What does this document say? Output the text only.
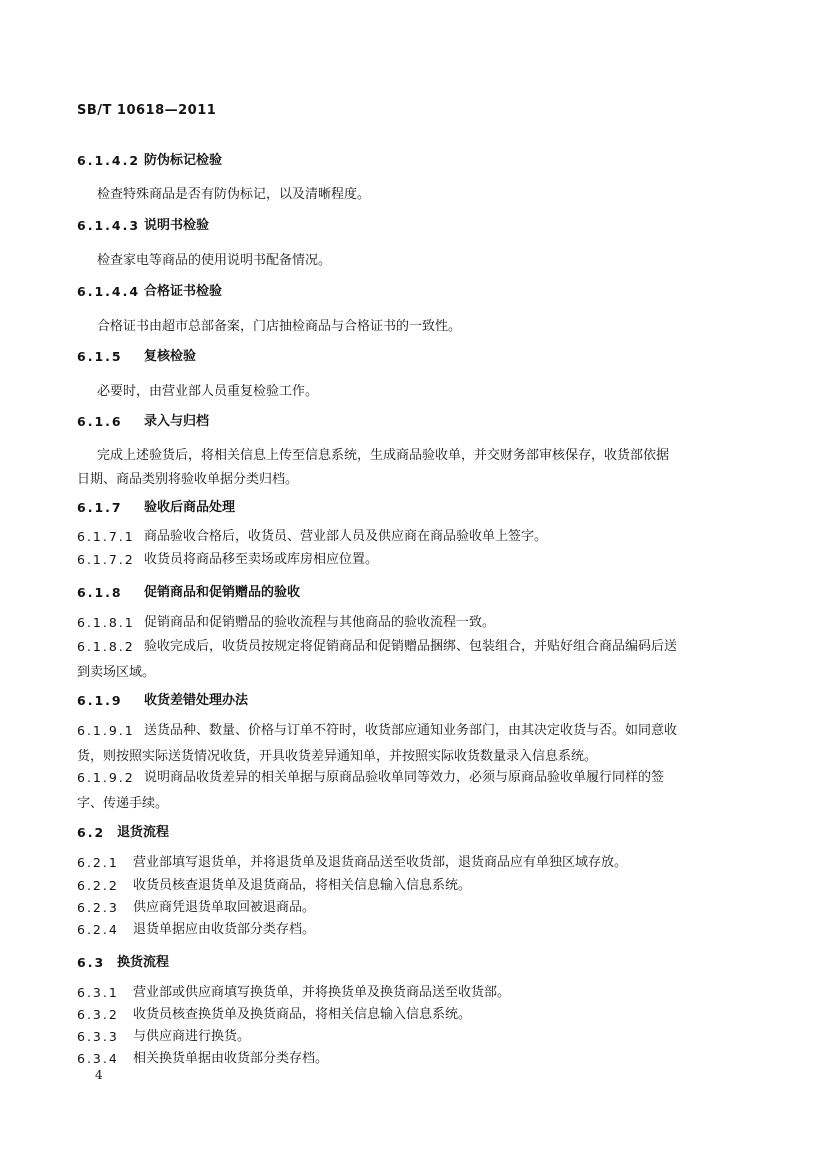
SB/T 10618—2011
6.1.4.2 防伪标记检验
检查特殊商品是否有防伪标记，以及清晰程度。
6.1.4.3 说明书检验
检查家电等商品的使用说明书配备情况。
6.1.4.4 合格证书检验
合格证书由超市总部备案，门店抽检商品与合格证书的一致性。
6.1.5 复核检验
必要时，由营业部人员重复检验工作。
6.1.6 录入与归档
完成上述验货后，将相关信息上传至信息系统，生成商品验收单，并交财务部审核保存，收货部依据
日期、商品类别将验收单据分类归档。
6.1.7 验收后商品处理
6.1.7.1 商品验收合格后，收货员、营业部人员及供应商在商品验收单上签字。
6.1.7.2 收货员将商品移至卖场或库房相应位置。
6.1.8 促销商品和促销赠品的验收
6.1.8.1 促销商品和促销赠品的验收流程与其他商品的验收流程一致。
6.1.8.2 验收完成后，收货员按规定将促销商品和促销赠品捆绑、包装组合，并贴好组合商品编码后送
到卖场区域。
6.1.9 收货差错处理办法
6.1.9.1 送货品种、数量、价格与订单不符时，收货部应通知业务部门，由其决定收货与否。如同意收
货，则按照实际送货情况收货，开具收货差异通知单，并按照实际收货数量录入信息系统。
6.1.9.2 说明商品收货差异的相关单据与原商品验收单同等效力，必须与原商品验收单履行同样的签
字、传递手续。
6.2 退货流程
6.2.1 营业部填写退货单，并将退货单及退货商品送至收货部，退货商品应有单独区域存放。
6.2.2 收货员核查退货单及退货商品，将相关信息输入信息系统。
6.2.3 供应商凭退货单取回被退商品。
6.2.4 退货单据应由收货部分类存档。
6.3 换货流程
6.3.1 营业部或供应商填写换货单，并将换货单及换货商品送至收货部。
6.3.2 收货员核查换货单及换货商品，将相关信息输入信息系统。
6.3.3 与供应商进行换货。
6.3.4 相关换货单据由收货部分类存档。
4
